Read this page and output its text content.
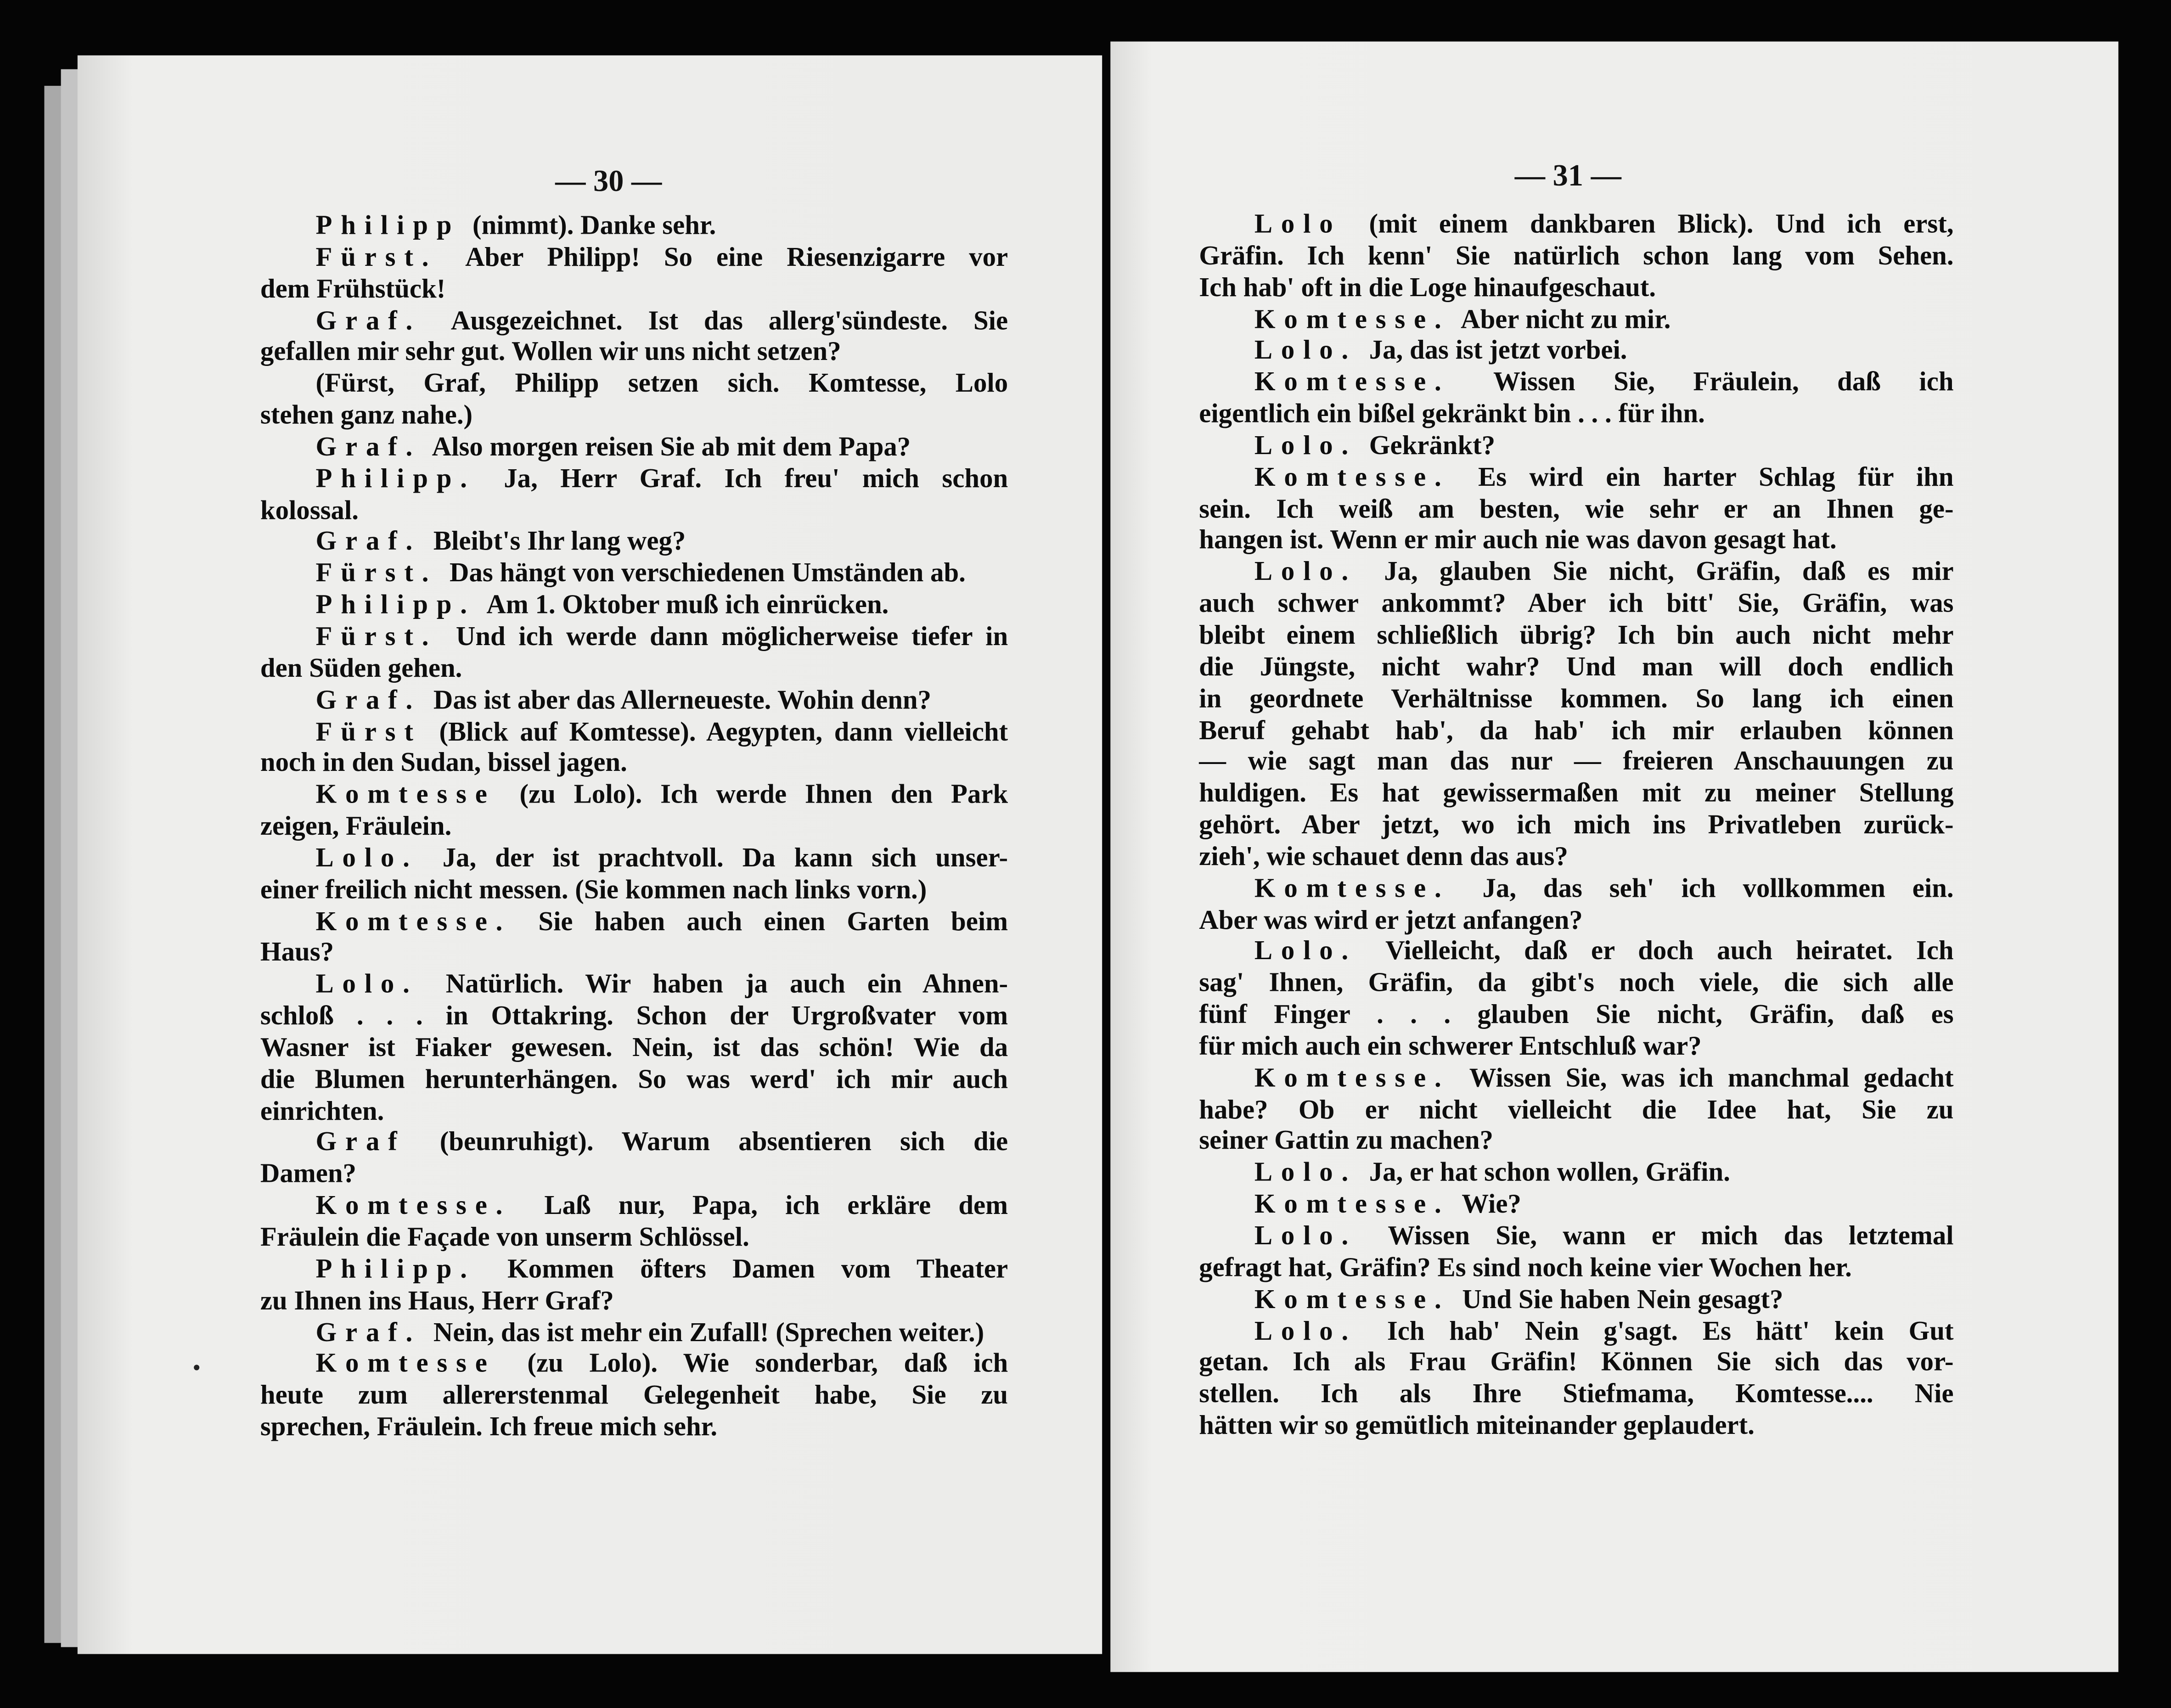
— 30 —
Philipp (nimmt). Danke sehr.
Fürst.	Aber Philipp! So eine Riesenzigarre vor
dem Frühstück!
Graf.	Ausgezeichnet. Ist das allerg'sündeste. Sie
gefallen mir sehr gut. Wollen wir uns nicht setzen?
(Fürst, Graf, Philipp setzen sich. Komtesse, Lolo
stehen ganz nahe.)
Graf. Also morgen reisen Sie ab mit dem Papa?
Philipp.	Ja, Herr Graf. Ich freu' mich schon
kolossal.
Graf. Bleibt's Ihr lang weg?
Fürst. Das hängt von verschiedenen Umständen ab.
Philipp. Am 1. Oktober muß ich einrücken.
Fürst. Und ich werde dann möglicherweise tiefer in
den Süden gehen.
Graf. Das ist aber das Allerneueste. Wohin denn?
Fürst (Blick auf Komtesse). Aegypten, dann vielleicht
noch in den Sudan, bissel jagen.
Komtesse	(zu Lolo). Ich werde Ihnen den Park
zeigen, Fräulein.
Lolo.	Ja, der ist prachtvoll. Da kann sich unser-
einer freilich nicht messen. (Sie kommen nach links vorn.)
Komtesse.	Sie haben auch einen Garten beim
Haus?
Lolo.	Natürlich. Wir haben ja auch ein Ahnen-
schloß . . . in Ottakring. Schon der Urgroßvater vom
Wasner ist Fiaker gewesen. Nein, ist das schön! Wie da
die Blumen herunterhängen. So was werd' ich mir auch
einrichten.
Graf	(beunruhigt). Warum absentieren sich die
Damen?
Komtesse.	Laß nur, Papa, ich erkläre dem
Fräulein die Façade von unserm Schlössel.
Philipp.	Kommen öfters Damen vom Theater
zu Ihnen ins Haus, Herr Graf?
Graf. Nein, das ist mehr ein Zufall! (Sprechen weiter.)
Komtesse	(zu Lolo). Wie sonderbar, daß ich
heute zum allererstenmal Gelegenheit habe, Sie zu
sprechen, Fräulein. Ich freue mich sehr.
— 31 —
Lolo	(mit einem dankbaren Blick). Und ich erst,
Gräfin. Ich kenn' Sie natürlich schon lang vom Sehen.
Ich hab' oft in die Loge hinaufgeschaut.
Komtesse. Aber nicht zu mir.
Lolo. Ja, das ist jetzt vorbei.
Komtesse.	Wissen Sie, Fräulein, daß ich
eigentlich ein bißel gekränkt bin . . . für ihn.
Lolo. Gekränkt?
Komtesse.	Es wird ein harter Schlag für ihn
sein. Ich weiß am besten, wie sehr er an Ihnen ge-
hangen ist. Wenn er mir auch nie was davon gesagt hat.
Lolo.	Ja, glauben Sie nicht, Gräfin, daß es mir
auch schwer ankommt? Aber ich bitt' Sie, Gräfin, was
bleibt einem schließlich übrig? Ich bin auch nicht mehr
die Jüngste, nicht wahr? Und man will doch endlich
in geordnete Verhältnisse kommen. So lang ich einen
Beruf gehabt hab', da hab' ich mir erlauben können
— wie sagt man das nur — freieren Anschauungen zu
huldigen. Es hat gewissermaßen mit zu meiner Stellung
gehört. Aber jetzt, wo ich mich ins Privatleben zurück-
zieh', wie schauet denn das aus?
Komtesse.	Ja, das seh' ich vollkommen ein.
Aber was wird er jetzt anfangen?
Lolo.	Vielleicht, daß er doch auch heiratet. Ich
sag' Ihnen, Gräfin, da gibt's noch viele, die sich alle
fünf Finger . . . glauben Sie nicht, Gräfin, daß es
für mich auch ein schwerer Entschluß war?
Komtesse. Wissen Sie, was ich manchmal gedacht
habe? Ob er nicht vielleicht die Idee hat, Sie zu
seiner Gattin zu machen?
Lolo. Ja, er hat schon wollen, Gräfin.
Komtesse. Wie?
Lolo.	Wissen Sie, wann er mich das letztemal
gefragt hat, Gräfin? Es sind noch keine vier Wochen her.
Komtesse. Und Sie haben Nein gesagt?
Lolo.	Ich hab' Nein g'sagt. Es hätt' kein Gut
getan. Ich als Frau Gräfin! Können Sie sich das vor-
stellen. Ich als Ihre Stiefmama, Komtesse.... Nie
hätten wir so gemütlich miteinander geplaudert.
